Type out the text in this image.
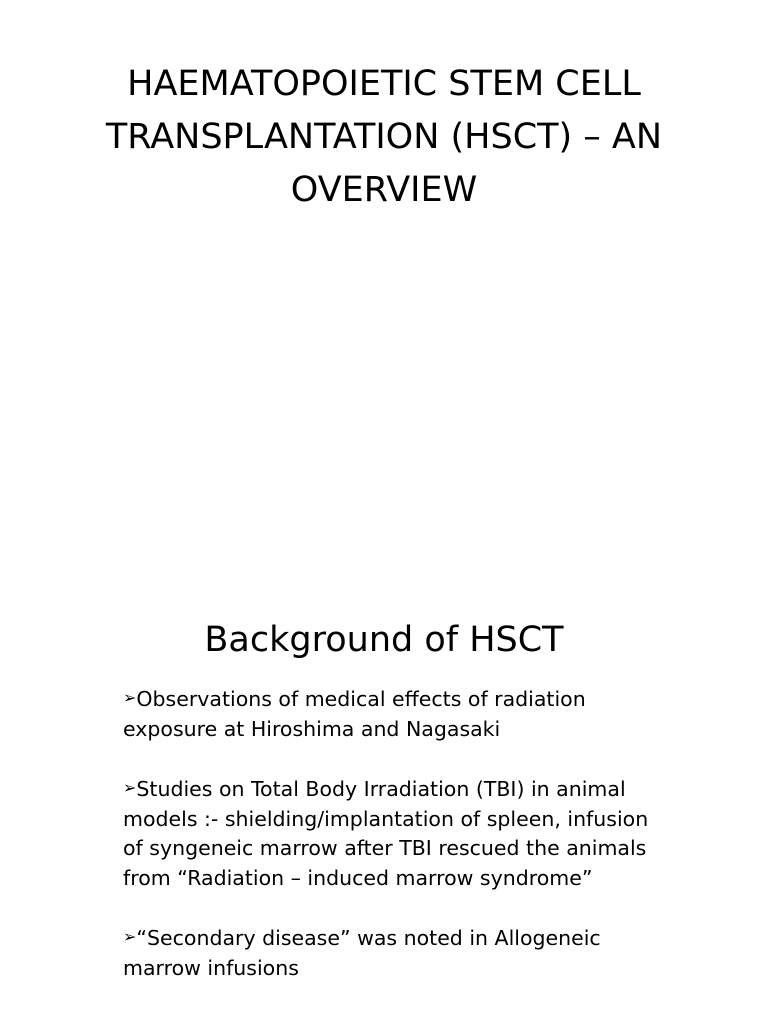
HAEMATOPOIETIC STEM CELL
TRANSPLANTATION (HSCT) – AN
OVERVIEW
Background of HSCT
➢Observations of medical effects of radiation
exposure at Hiroshima and Nagasaki
➢Studies on Total Body Irradiation (TBI) in animal
models :- shielding/implantation of spleen, infusion
of syngeneic marrow after TBI rescued the animals
from “Radiation – induced marrow syndrome”
➢“Secondary disease” was noted in Allogeneic
marrow infusions
